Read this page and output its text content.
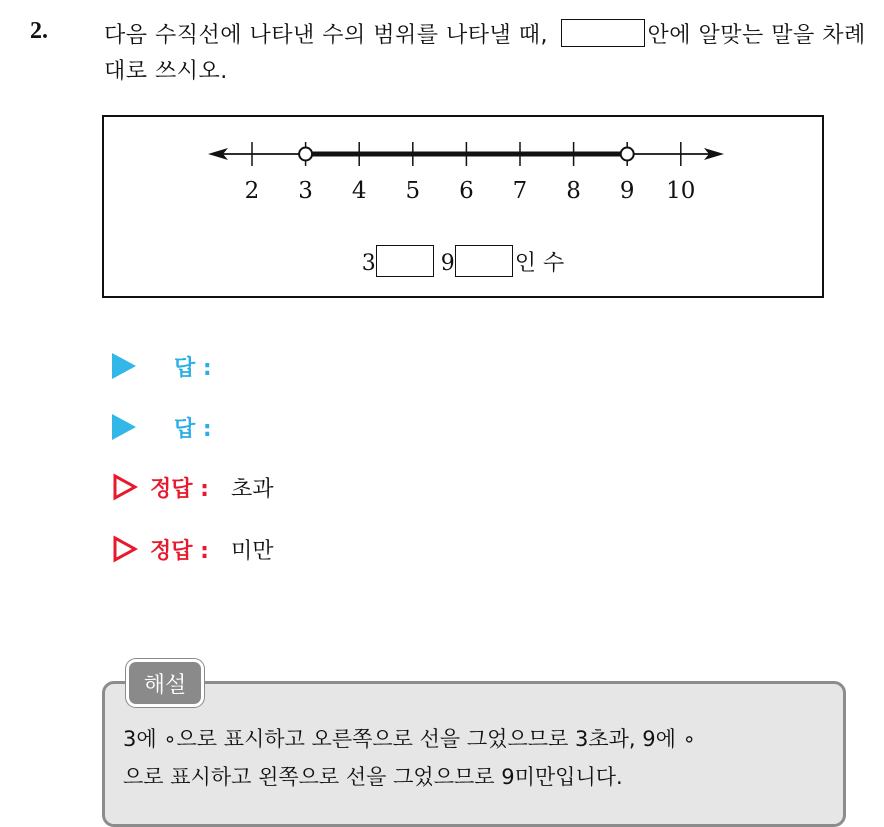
2.	다음 수직선에 나타낸 수의 범위를 나타낼 때,	안에 알맞는 말을 차례대로 쓰시오.
2 3 4 5 6 7 8 9 10
3	9	인 수
답 :
답 :
정답 : 초과
정답 : 미만
3에 ∘으로 표시하고 오른쪽으로 선을 그었으므로 3초과, 9에 ∘
으로 표시하고 왼쪽으로 선을 그었으므로 9미만입니다.
해설
